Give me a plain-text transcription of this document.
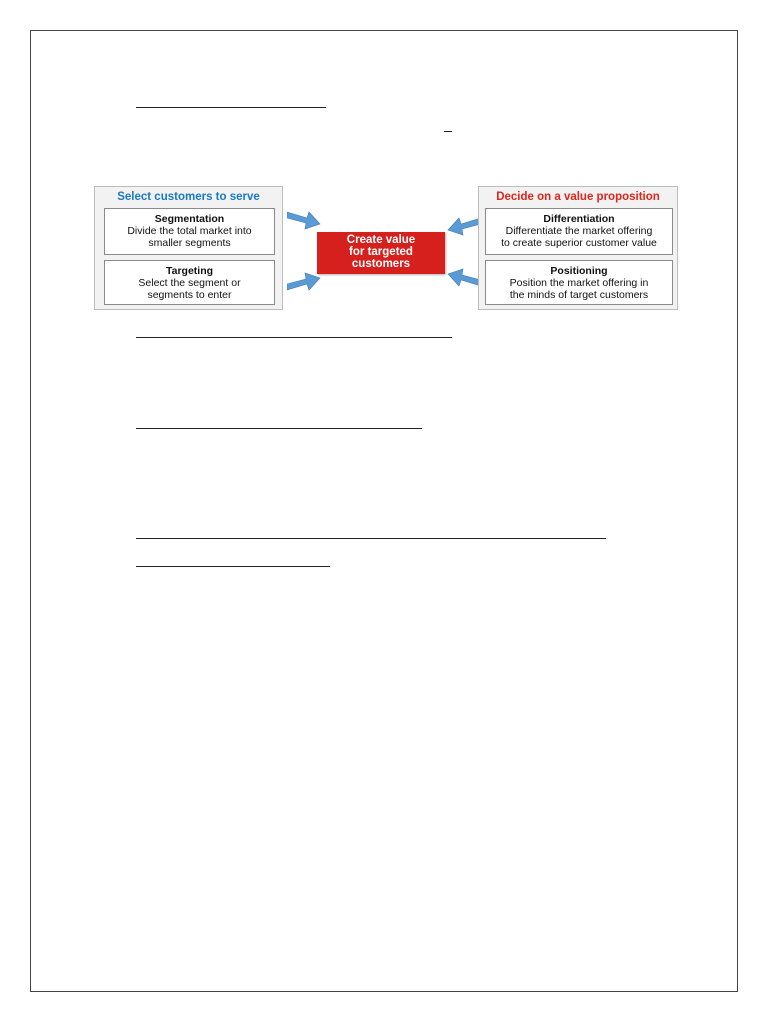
Select customers to serve
Segmentation
Divide the total market into
smaller segments
Targeting
Select the segment or
segments to enter
Create value
for targeted
customers
Decide on a value proposition
Differentiation
Differentiate the market offering
to create superior customer value
Positioning
Position the market offering in
the minds of target customers
